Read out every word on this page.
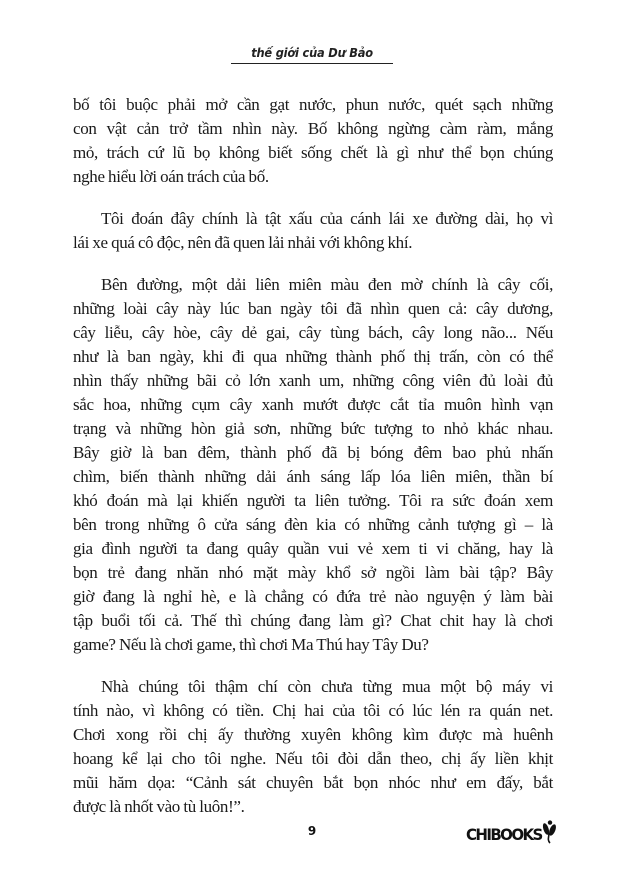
thế giới của Dư Bảo
bố tôi buộc phải mở cần gạt nước, phun nước, quét sạch những
con vật cản trở tầm nhìn này. Bố không ngừng càm ràm, mắng
mỏ, trách cứ lũ bọ không biết sống chết là gì như thể bọn chúng
nghe hiểu lời oán trách của bố.
Tôi đoán đây chính là tật xấu của cánh lái xe đường dài, họ vì
lái xe quá cô độc, nên đã quen lải nhải với không khí.
Bên đường, một dải liên miên màu đen mờ chính là cây cối,
những loài cây này lúc ban ngày tôi đã nhìn quen cả: cây dương,
cây liễu, cây hòe, cây dẻ gai, cây tùng bách, cây long não... Nếu
như là ban ngày, khi đi qua những thành phố thị trấn, còn có thể
nhìn thấy những bãi cỏ lớn xanh um, những công viên đủ loài đủ
sắc hoa, những cụm cây xanh mướt được cắt tỉa muôn hình vạn
trạng và những hòn giả sơn, những bức tượng to nhỏ khác nhau.
Bây giờ là ban đêm, thành phố đã bị bóng đêm bao phủ nhấn
chìm, biến thành những dải ánh sáng lấp lóa liên miên, thần bí
khó đoán mà lại khiến người ta liên tưởng. Tôi ra sức đoán xem
bên trong những ô cửa sáng đèn kia có những cảnh tượng gì – là
gia đình người ta đang quây quần vui vẻ xem ti vi chăng, hay là
bọn trẻ đang nhăn nhó mặt mày khổ sở ngồi làm bài tập? Bây
giờ đang là nghỉ hè, e là chẳng có đứa trẻ nào nguyện ý làm bài
tập buổi tối cả. Thế thì chúng đang làm gì? Chat chit hay là chơi
game? Nếu là chơi game, thì chơi Ma Thú hay Tây Du?
Nhà chúng tôi thậm chí còn chưa từng mua một bộ máy vi
tính nào, vì không có tiền. Chị hai của tôi có lúc lén ra quán net.
Chơi xong rồi chị ấy thường xuyên không kìm được mà huênh
hoang kể lại cho tôi nghe. Nếu tôi đòi dẫn theo, chị ấy liền khịt
mũi hăm dọa: “Cảnh sát chuyên bắt bọn nhóc như em đấy, bắt
được là nhốt vào tù luôn!”.
9	CHIBOOKS
